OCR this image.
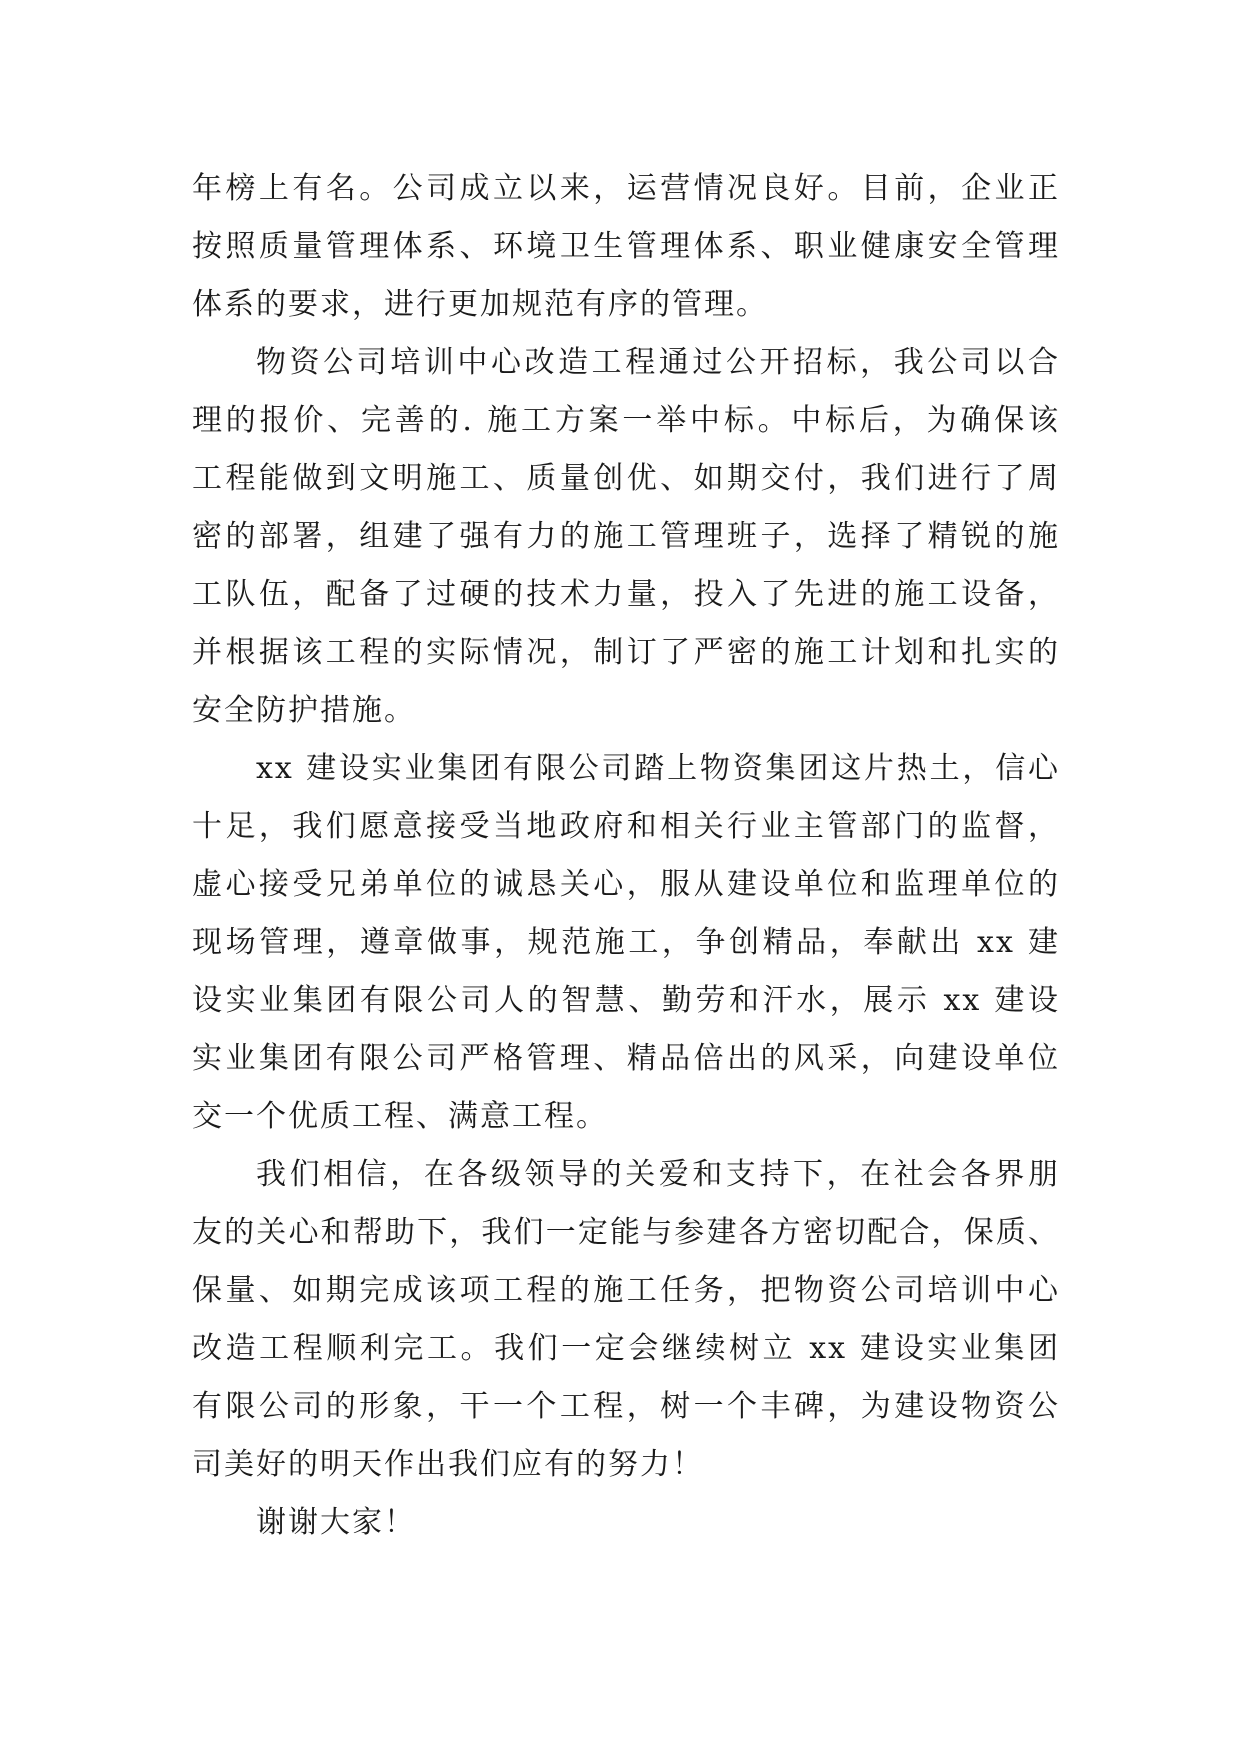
年榜上有名。公司成立以来，运营情况良好。目前，企业正
按照质量管理体系、环境卫生管理体系、职业健康安全管理
体系的要求，进行更加规范有序的管理。
物资公司培训中心改造工程通过公开招标，我公司以合
理的报价、完善的. 施工方案一举中标。中标后，为确保该
工程能做到文明施工、质量创优、如期交付，我们进行了周
密的部署，组建了强有力的施工管理班子，选择了精锐的施
工队伍，配备了过硬的技术力量，投入了先进的施工设备，
并根据该工程的实际情况，制订了严密的施工计划和扎实的
安全防护措施。
xx 建设实业集团有限公司踏上物资集团这片热土，信心
十足，我们愿意接受当地政府和相关行业主管部门的监督，
虚心接受兄弟单位的诚恳关心，服从建设单位和监理单位的
现场管理，遵章做事，规范施工，争创精品，奉献出 xx 建
设实业集团有限公司人的智慧、勤劳和汗水，展示 xx 建设
实业集团有限公司严格管理、精品倍出的风采，向建设单位
交一个优质工程、满意工程。
我们相信，在各级领导的关爱和支持下，在社会各界朋
友的关心和帮助下，我们一定能与参建各方密切配合，保质、
保量、如期完成该项工程的施工任务，把物资公司培训中心
改造工程顺利完工。我们一定会继续树立 xx 建设实业集团
有限公司的形象，干一个工程，树一个丰碑，为建设物资公
司美好的明天作出我们应有的努力！
谢谢大家！
